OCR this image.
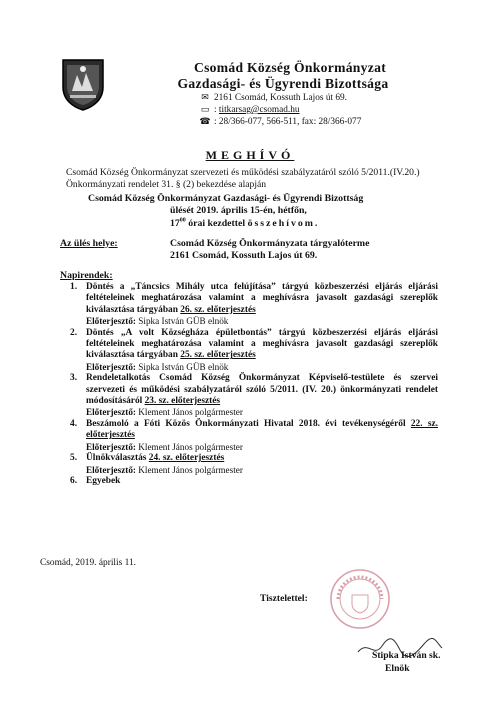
Csomád Község Önkormányzat
Gazdasági- és Ügyrendi Bizottsága
✉ 2161 Csomád, Kossuth Lajos út 69.
▭ : titkarsag@csomad.hu
☎ : 28/366-077, 566-511, fax: 28/366-077
MEGHÍVÓ
Csomád Község Önkormányzat szervezeti és működési szabályzatáról szóló 5/2011.(IV.20.)
Önkormányzati rendelet 31. § (2) bekezdése alapján
Csomád Község Önkormányzat Gazdasági- és Ügyrendi Bizottság
ülését 2019. április 15-én, hétfőn,
$17^{00}$ órai kezdettel összehívom.
Az ülés helye:	Csomád Község Önkormányzata tárgyalóterme
2161 Csomád, Kossuth Lajos út 69.
Napirendek:
1. Döntés a „Táncsics Mihály utca felújítása” tárgyú közbeszerzési eljárás eljárási feltételeinek meghatározása valamint a meghívásra javasolt gazdasági szereplők kiválasztása tárgyában 26. sz. előterjesztés
Előterjesztő: Sipka István GÜB elnök
2. Döntés „A volt Községháza épületbontás” tárgyú közbeszerzési eljárás eljárási feltételeinek meghatározása valamint a meghívásra javasolt gazdasági szereplők kiválasztása tárgyában 25. sz. előterjesztés
Előterjesztő: Sipka István GÜB elnök
3. Rendeletalkotás Csomád Község Önkormányzat Képviselő-testülete és szervei szervezeti és működési szabályzatáról szóló 5/2011. (IV. 20.) önkormányzati rendelet módosításáról 23. sz. előterjesztés
Előterjesztő: Klement János polgármester
4. Beszámoló a Fóti Közös Önkormányzati Hivatal 2018. évi tevékenységéről 22. sz. előterjesztés
Előterjesztő: Klement János polgármester
5. Ülnökválasztás 24. sz. előterjesztés
Előterjesztő: Klement János polgármester
6. Egyebek
Csomád, 2019. április 11.
Tisztelettel:
Stipka István sk.
Elnök
